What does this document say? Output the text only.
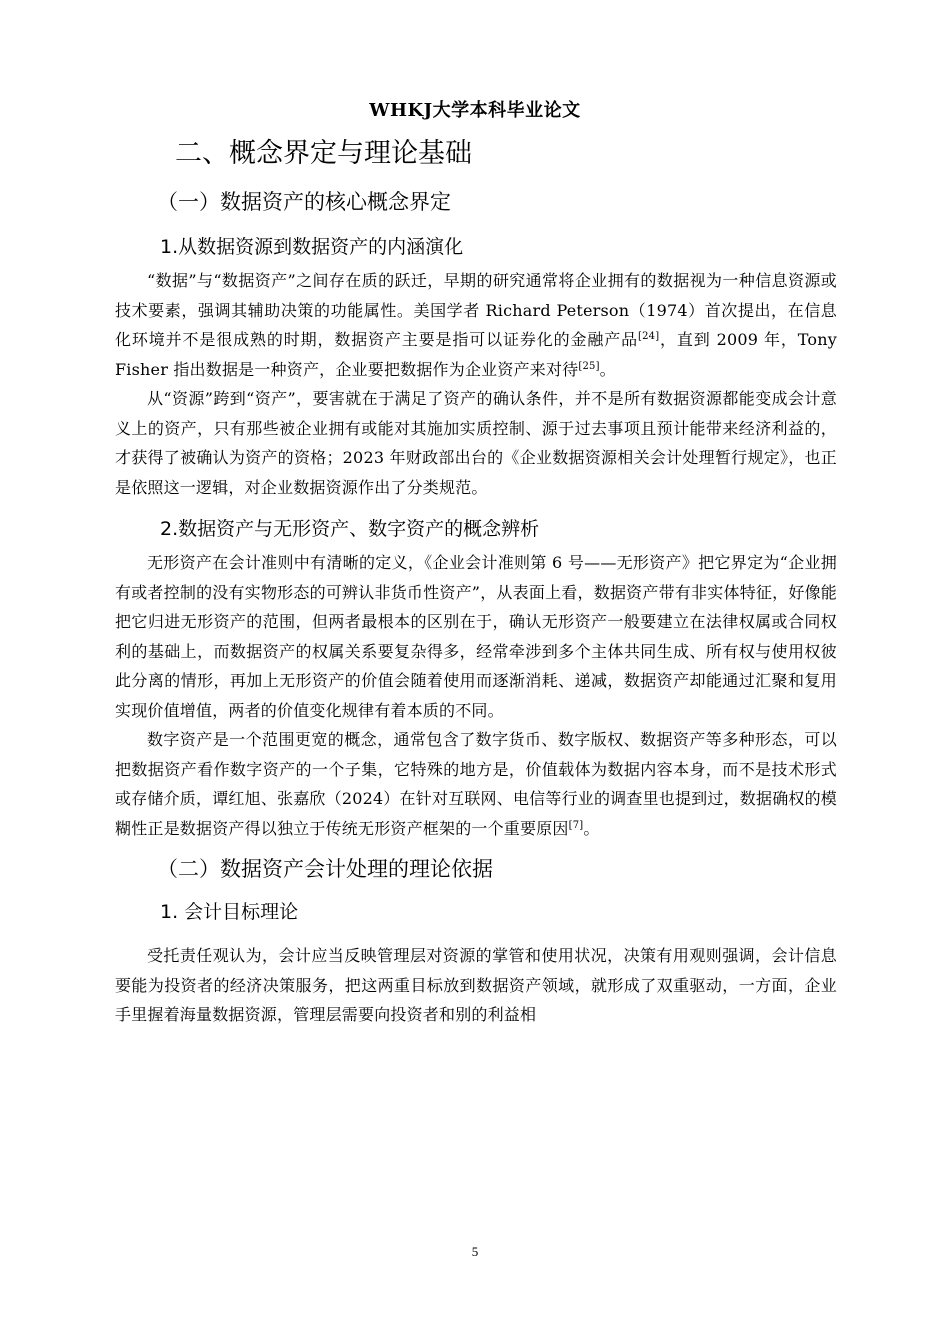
WHKJ大学本科毕业论文
二、概念界定与理论基础
（一）数据资产的核心概念界定
1.从数据资源到数据资产的内涵演化

“数据”与“数据资产”之间存在质的跃迁，早期的研究通常将企业拥有的数据视为一种信息资源或技术要素，强调其辅助决策的功能属性。美国学者 Richard Peterson（1974）首次提出，在信息化环境并不是很成熟的时期，数据资产主要是指可以证券化的金融产品[24]，直到 2009 年，Tony Fisher 指出数据是一种资产，企业要把数据作为企业资产来对待[25]。

从“资源”跨到“资产”，要害就在于满足了资产的确认条件，并不是所有数据资源都能变成会计意义上的资产，只有那些被企业拥有或能对其施加实质控制、源于过去事项且预计能带来经济利益的，才获得了被确认为资产的资格；2023 年财政部出台的《企业数据资源相关会计处理暂行规定》，也正是依照这一逻辑，对企业数据资源作出了分类规范。

2.数据资产与无形资产、数字资产的概念辨析

无形资产在会计准则中有清晰的定义，《企业会计准则第 6 号——无形资产》把它界定为“企业拥有或者控制的没有实物形态的可辨认非货币性资产”，从表面上看，数据资产带有非实体特征，好像能把它归进无形资产的范围，但两者最根本的区别在于，确认无形资产一般要建立在法律权属或合同权利的基础上，而数据资产的权属关系要复杂得多，经常牵涉到多个主体共同生成、所有权与使用权彼此分离的情形，再加上无形资产的价值会随着使用而逐渐消耗、递减，数据资产却能通过汇聚和复用实现价值增值，两者的价值变化规律有着本质的不同。

数字资产是一个范围更宽的概念，通常包含了数字货币、数字版权、数据资产等多种形态，可以把数据资产看作数字资产的一个子集，它特殊的地方是，价值载体为数据内容本身，而不是技术形式或存储介质，谭红旭、张嘉欣（2024）在针对互联网、电信等行业的调查里也提到过，数据确权的模糊性正是数据资产得以独立于传统无形资产框架的一个重要原因[7]。

（二）数据资产会计处理的理论依据
1. 会计目标理论

受托责任观认为，会计应当反映管理层对资源的掌管和使用状况，决策有用观则强调，会计信息要能为投资者的经济决策服务，把这两重目标放到数据资产领域，就形成了双重驱动，一方面，企业手里握着海量数据资源，管理层需要向投资者和别的利益相

5
